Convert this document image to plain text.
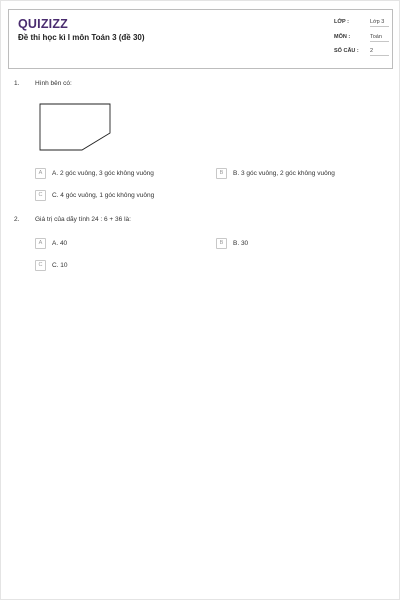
QUIZIZZ
Đề thi học kì I môn Toán 3 (đề 30)
LỚP :	Lớp 3
MÔN :	Toán
SỐ CÂU : 2
1. Hình bên có:
A	A. 2 góc vuông, 3 góc không vuông	B	B. 3 góc vuông, 2 góc không vuông
C	C. 4 góc vuông, 1 góc không vuông
2. Giá trị của dãy tính 24 : 6 + 36 là:
A	A. 40	B	B. 30
C	C. 10
